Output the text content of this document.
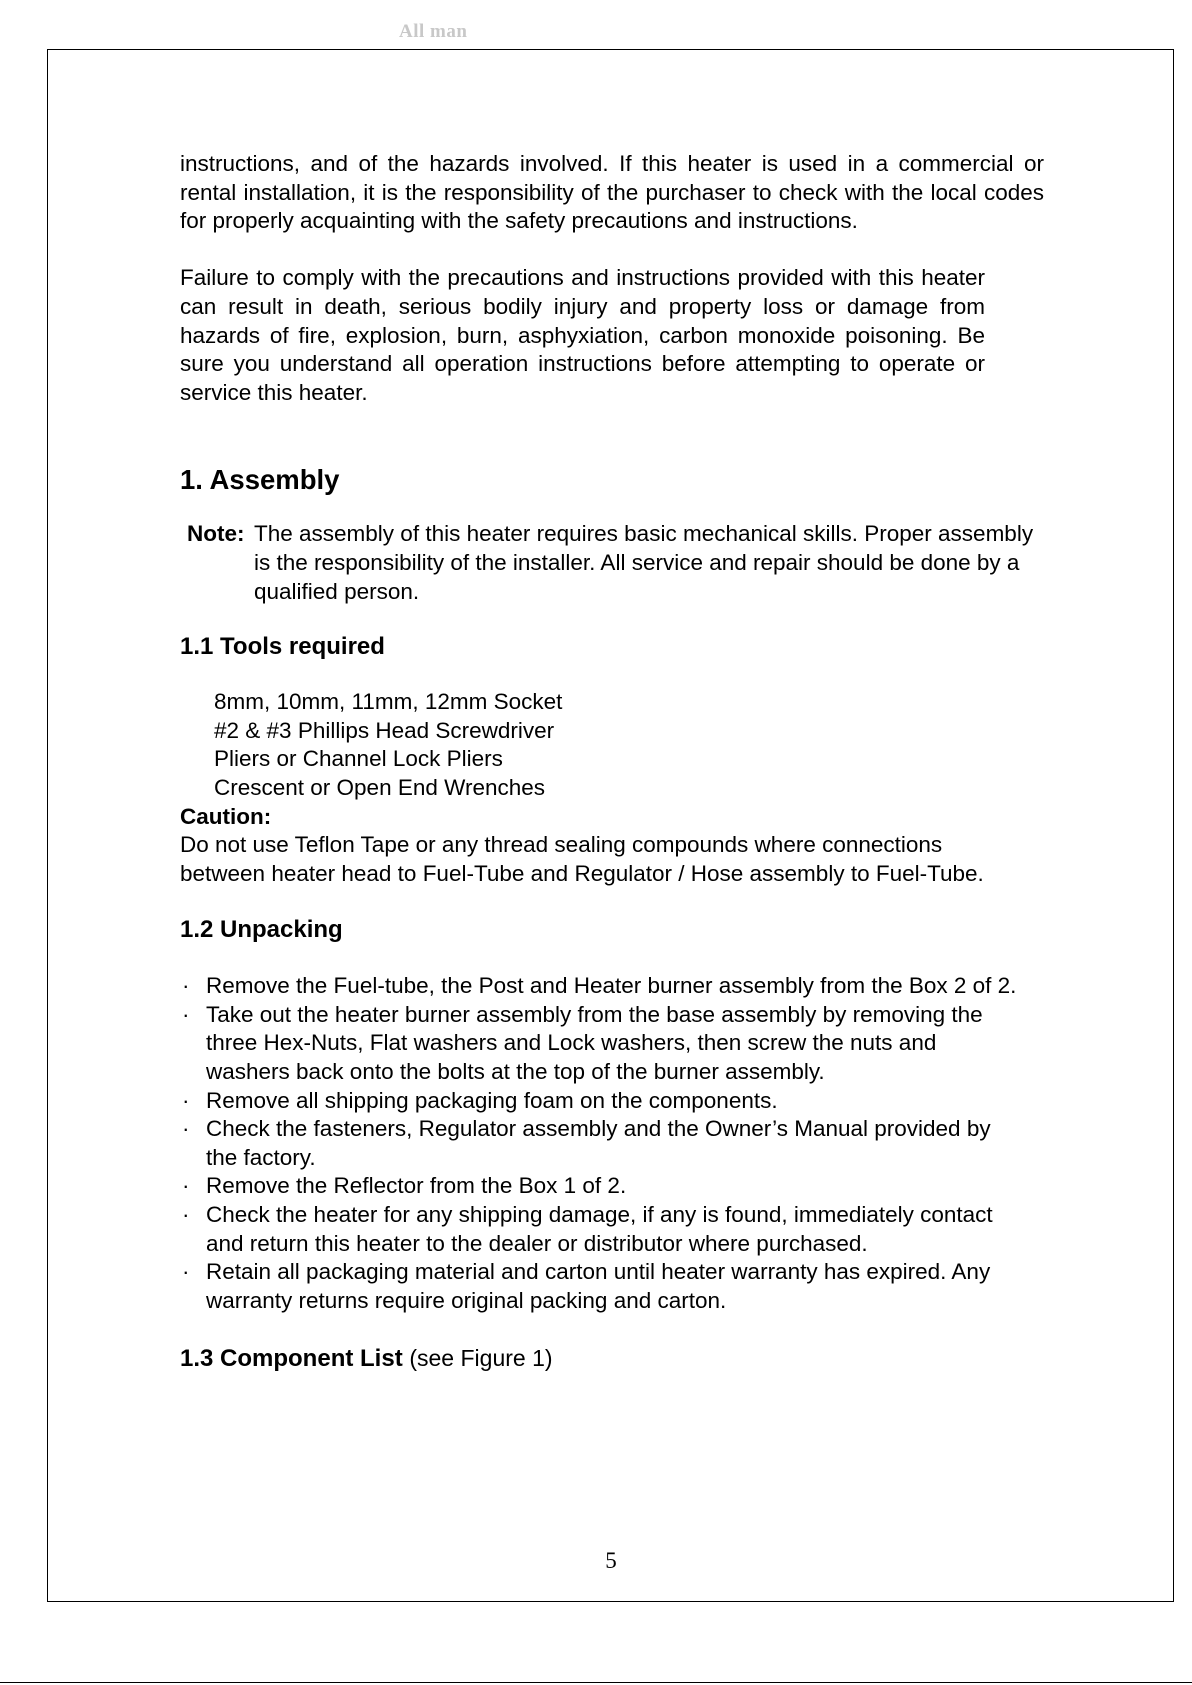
All man

instructions, and of the hazards involved. If this heater is used in a commercial or rental installation, it is the responsibility of the purchaser to check with the local codes for properly acquainting with the safety precautions and instructions.

Failure to comply with the precautions and instructions provided with this heater can result in death, serious bodily injury and property loss or damage from hazards of fire, explosion, burn, asphyxiation, carbon monoxide poisoning. Be sure you understand all operation instructions before attempting to operate or service this heater.

1. Assembly
Note: The assembly of this heater requires basic mechanical skills. Proper assembly is the responsibility of the installer. All service and repair should be done by a qualified person.
1.1 Tools required
8mm, 10mm, 11mm, 12mm Socket
#2 & #3 Phillips Head Screwdriver
Pliers or Channel Lock Pliers
Crescent or Open End Wrenches
Caution:

Do not use Teflon Tape or any thread sealing compounds where connections between heater head to Fuel-Tube and Regulator / Hose assembly to Fuel-Tube.

1.2 Unpacking
· Remove the Fuel-tube, the Post and Heater burner assembly from the Box 2 of 2.
· Take out the heater burner assembly from the base assembly by removing the three Hex-Nuts, Flat washers and Lock washers, then screw the nuts and washers back onto the bolts at the top of the burner assembly.
· Remove all shipping packaging foam on the components.
· Check the fasteners, Regulator assembly and the Owner’s Manual provided by the factory.
· Remove the Reflector from the Box 1 of 2.
· Check the heater for any shipping damage, if any is found, immediately contact and return this heater to the dealer or distributor where purchased.
· Retain all packaging material and carton until heater warranty has expired. Any warranty returns require original packing and carton.
1.3 Component List (see Figure 1)
5
